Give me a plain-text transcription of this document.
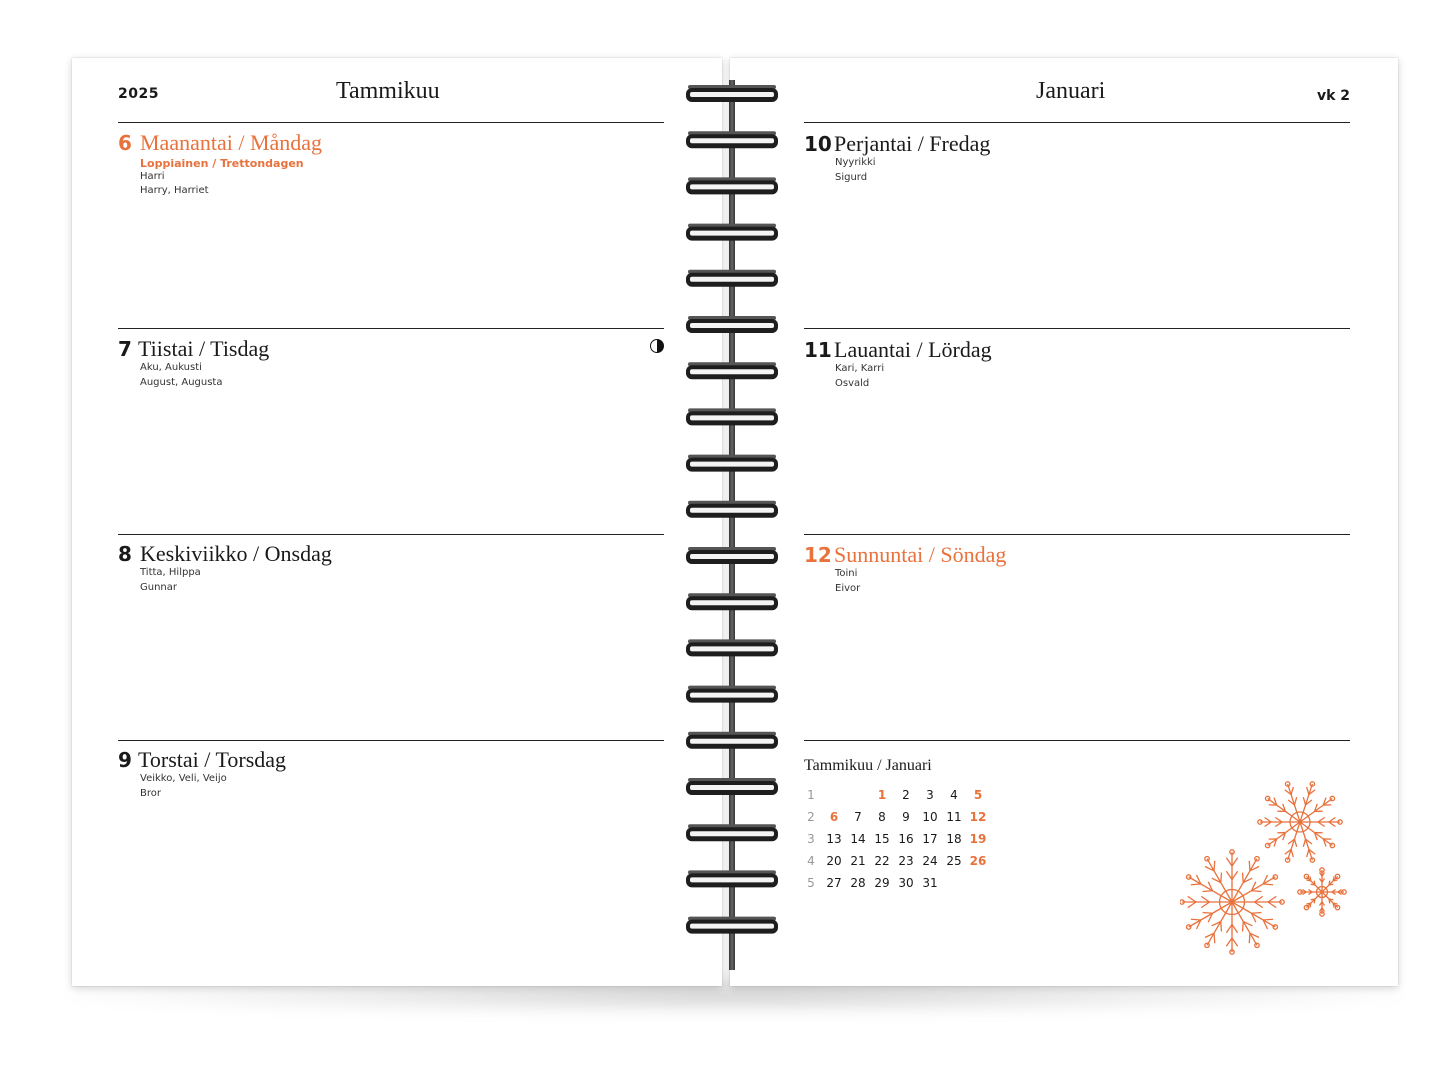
2025	Tammikuu	Januari	vk 2
6 Maanantai / Måndag
Loppiainen / Trettondagen
Harri
Harry, Harriet
7 Tiistai / Tisdag
Aku, Aukusti
August, Augusta
8 Keskiviikko / Onsdag
Titta, Hilppa
Gunnar
9 Torstai / Torsdag
Veikko, Veli, Veijo
Bror
10 Perjantai / Fredag
Nyyrikki
Sigurd
11 Lauantai / Lördag
Kari, Karri
Osvald
12 Sunnuntai / Söndag
Toini
Eivor
Tammikuu / Januari
1			1	2	3	4	5
2	6	7	8	9	10	11	12
3	13	14	15	16	17	18	19
4	20	21	22	23	24	25	26
5	27	28	29	30	31		
